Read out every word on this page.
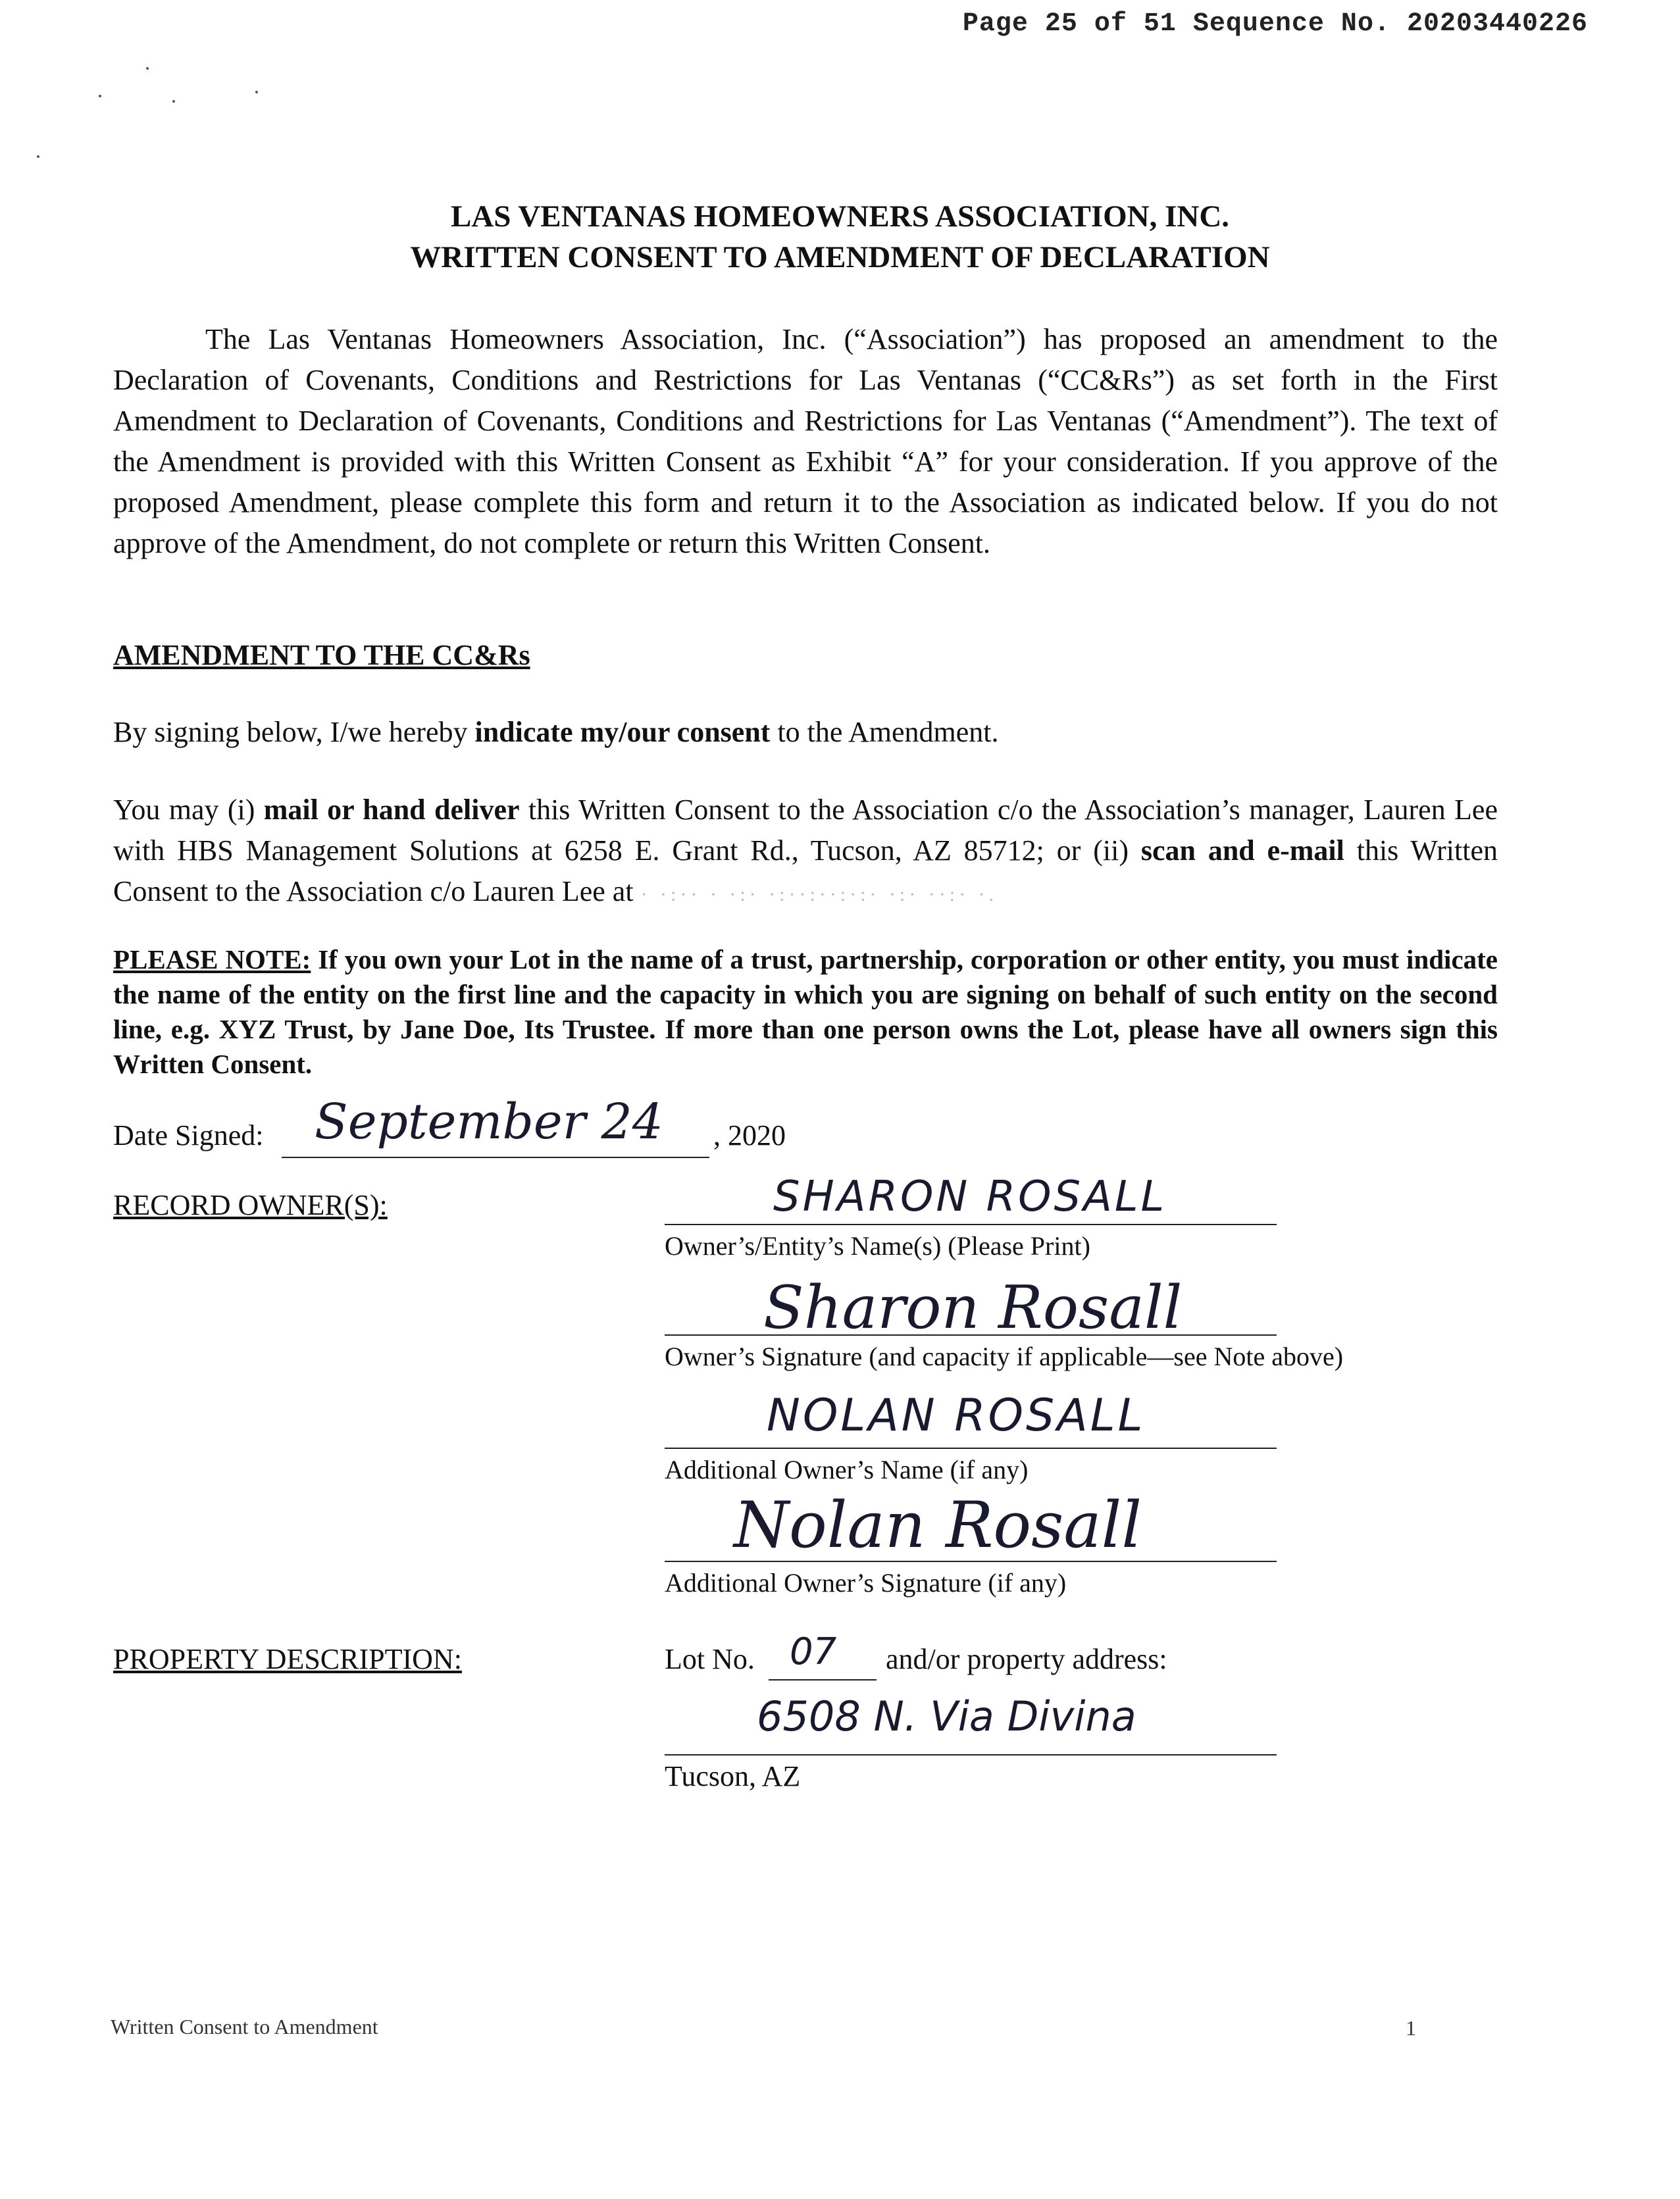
Page 25 of 51 Sequence No. 20203440226
LAS VENTANAS HOMEOWNERS ASSOCIATION, INC.
WRITTEN CONSENT TO AMENDMENT OF DECLARATION
The Las Ventanas Homeowners Association, Inc. (“Association”) has proposed an amendment to the Declaration of Covenants, Conditions and Restrictions for Las Ventanas (“CC&Rs”) as set forth in the First Amendment to Declaration of Covenants, Conditions and Restrictions for Las Ventanas (“Amendment”). The text of the Amendment is provided with this Written Consent as Exhibit “A” for your consideration. If you approve of the proposed Amendment, please complete this form and return it to the Association as indicated below. If you do not approve of the Amendment, do not complete or return this Written Consent.
AMENDMENT TO THE CC&Rs
By signing below, I/we hereby indicate my/our consent to the Amendment.
You may (i) mail or hand deliver this Written Consent to the Association c/o the Association’s manager, Lauren Lee with HBS Management Solutions at 6258 E. Grant Rd., Tucson, AZ 85712; or (ii) scan and e-mail this Written Consent to the Association c/o Lauren Lee at · ·:·· · ·:· ·:··:··:·:· ·:· ··:· ·.
PLEASE NOTE: If you own your Lot in the name of a trust, partnership, corporation or other entity, you must indicate the name of the entity on the first line and the capacity in which you are signing on behalf of such entity on the second line, e.g. XYZ Trust, by Jane Doe, Its Trustee. If more than one person owns the Lot, please have all owners sign this Written Consent.
Date Signed: September 24 , 2020
RECORD OWNER(S):	SHARON ROSALL
Owner’s/Entity’s Name(s) (Please Print)
Sharon Rosall
Owner’s Signature (and capacity if applicable—see Note above)
NOLAN ROSALL
Additional Owner’s Name (if any)
Nolan Rosall
Additional Owner’s Signature (if any)
PROPERTY DESCRIPTION:	Lot No. 07 and/or property address:
6508 N. Via Divina
Tucson, AZ
Written Consent to Amendment	1
